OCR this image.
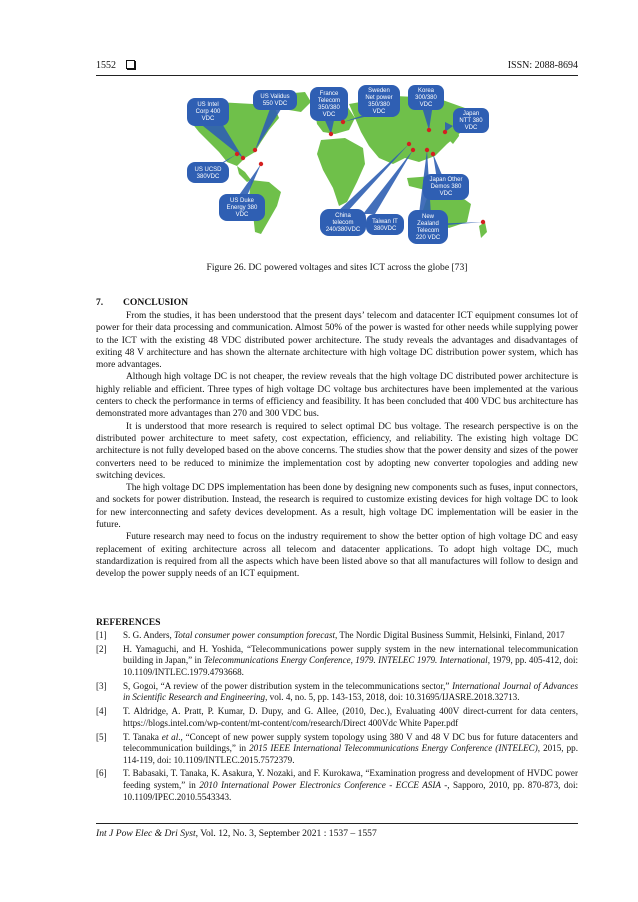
1552	ISSN: 2088-8694
US Intel Corp 400 VDC
US Validus 550 VDC
France Telecom 350/380 VDC
Sweden Net power 350/380 VDC
Korea 300/380 VDC
Japan NTT 380 VDC
US UCSD 380VDC
US Duke Energy 380 VDC	China telecom 240/380VDC
Taiwan IT 380VDC
New Zealand Telecom 220 VDC
Japan Other Demos 380 VDC
Figure 26. DC powered voltages and sites ICT across the globe [73]
7. CONCLUSION

From the studies, it has been understood that the present days’ telecom and datacenter ICT equipment consumes lot of power for their data processing and communication. Almost 50% of the power is wasted for other needs while supplying power to the ICT with the existing 48 VDC distributed power architecture. The study reveals the advantages and disadvantages of exiting 48 V architecture and has shown the alternate architecture with high voltage DC distribution power system, which has more advantages.

Although high voltage DC is not cheaper, the review reveals that the high voltage DC distributed power architecture is highly reliable and efficient. Three types of high voltage DC voltage bus architectures have been implemented at the various centers to check the performance in terms of efficiency and feasibility. It has been concluded that 400 VDC bus architecture has demonstrated more advantages than 270 and 300 VDC bus.

It is understood that more research is required to select optimal DC bus voltage. The research perspective is on the distributed power architecture to meet safety, cost expectation, efficiency, and reliability. The existing high voltage DC architecture is not fully developed based on the above concerns. The studies show that the power density and sizes of the power converters need to be reduced to minimize the implementation cost by adopting new converter topologies and adding new switching devices.

The high voltage DC DPS implementation has been done by designing new components such as fuses, input connectors, and sockets for power distribution. Instead, the research is required to customize existing devices for high voltage DC to look for new interconnecting and safety devices development. As a result, high voltage DC implementation will be easier in the future.

Future research may need to focus on the industry requirement to show the better option of high voltage DC and easy replacement of exiting architecture across all telecom and datacenter applications. To adopt high voltage DC, much standardization is required from all the aspects which have been listed above so that all manufactures will follow to design and develop the power supply needs of an ICT equipment.

REFERENCES
[1] S. G. Anders, Total consumer power consumption forecast, The Nordic Digital Business Summit, Helsinki, Finland, 2017
[2] H. Yamaguchi, and H. Yoshida, “Telecommunications power supply system in the new international telecommunication building in Japan,” in Telecommunications Energy Conference, 1979. INTELEC 1979. International, 1979, pp. 405-412, doi: 10.1109/INTLEC.1979.4793668.
[3] S, Gogoi, “A review of the power distribution system in the telecommunications sector,” International Journal of Advances in Scientific Research and Engineering, vol. 4, no. 5, pp. 143-153, 2018, doi: 10.31695/IJASRE.2018.32713.
[4] T. Aldridge, A. Pratt, P. Kumar, D. Dupy, and G. Allee, (2010, Dec.), Evaluating 400V direct-current for data centers, https://blogs.intel.com/wp-content/mt-content/com/research/Direct 400Vdc White Paper.pdf
[5] T. Tanaka et al., “Concept of new power supply system topology using 380 V and 48 V DC bus for future datacenters and telecommunication buildings,” in 2015 IEEE International Telecommunications Energy Conference (INTELEC), 2015, pp. 114-119, doi: 10.1109/INTLEC.2015.7572379.
[6] T. Babasaki, T. Tanaka, K. Asakura, Y. Nozaki, and F. Kurokawa, “Examination progress and development of HVDC power feeding system,” in 2010 International Power Electronics Conference - ECCE ASIA -, Sapporo, 2010, pp. 870-873, doi: 10.1109/IPEC.2010.5543343.
Int J Pow Elec & Dri Syst, Vol. 12, No. 3, September 2021 : 1537 – 1557
